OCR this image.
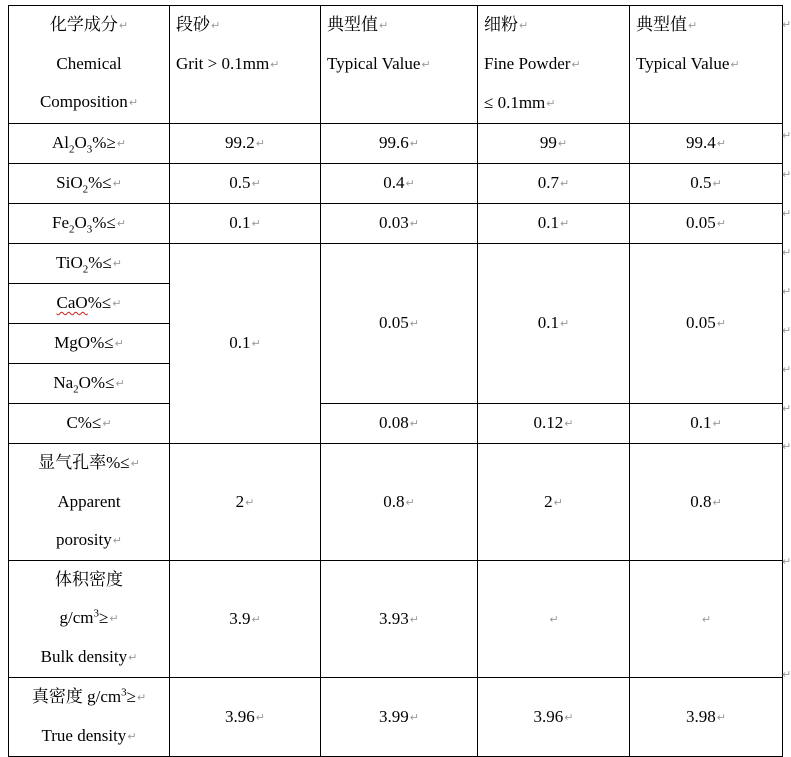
化学成分↵
Chemical
Composition↵	段砂↵
Grit > 0.1mm↵	典型值↵
Typical Value↵	细粉↵
Fine Powder↵
≤ 0.1mm↵	典型值↵
Typical Value↵

$Al_2O_3\%\ge↵$	99.2↵	99.6↵	99↵	99.4↵
SiO$_2$%≤↵	0.5↵	0.4↵	0.7↵	0.5↵
$Fe_2O_3\%\le↵$	0.1↵	0.03↵	0.1↵	0.05↵
TiO$_2$%≤↵	0.1↵	0.05↵	0.1↵	0.05↵
CaO%≤↵				
MgO%≤↵				
$Na_2O\%\le↵$				
C%≤↵		0.08↵	0.12↵	0.1↵

显气孔率%≤↵
Apparent
porosity↵	2↵	0.8↵	2↵	0.8↵

体积密度
$g/cm^3\ge↵$
Bulk density↵	3.9↵	3.93↵	↵	↵

真密度 $g/cm^3\ge↵$
True density↵	3.96↵	3.99↵	3.96↵	3.98↵
↵
↵
↵
↵
↵
↵
↵
↵
↵
↵
↵
↵
